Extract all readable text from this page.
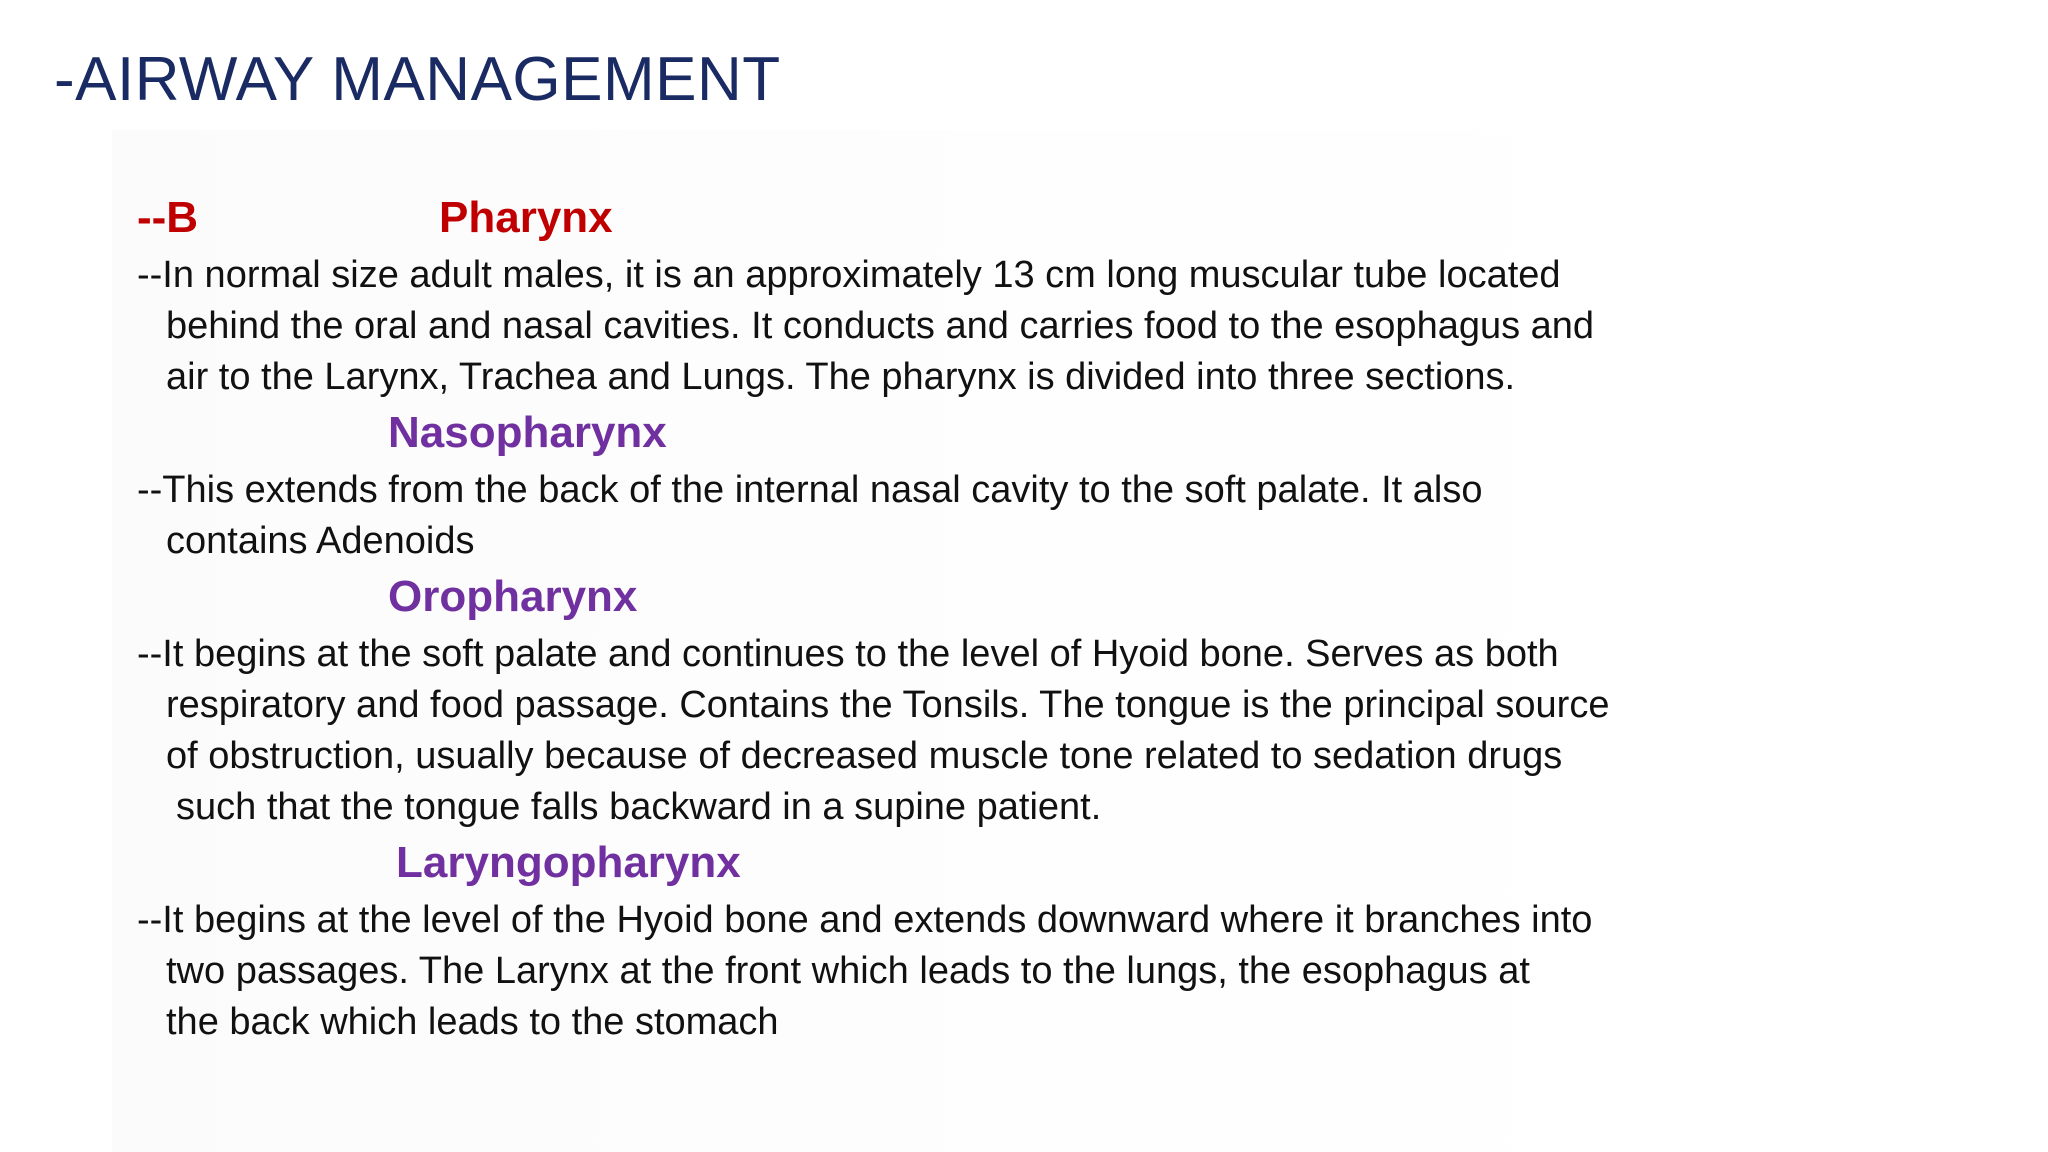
-AIRWAY MANAGEMENT
--B	Pharynx
--In normal size adult males, it is an approximately 13 cm long muscular tube located
behind the oral and nasal cavities. It conducts and carries food to the esophagus and
air to the Larynx, Trachea and Lungs. The pharynx is divided into three sections.
Nasopharynx
--This extends from the back of the internal nasal cavity to the soft palate. It also
contains Adenoids
Oropharynx
--It begins at the soft palate and continues to the level of Hyoid bone. Serves as both
respiratory and food passage. Contains the Tonsils. The tongue is the principal source
of obstruction, usually because of decreased muscle tone related to sedation drugs
such that the tongue falls backward in a supine patient.
Laryngopharynx
--It begins at the level of the Hyoid bone and extends downward where it branches into
two passages. The Larynx at the front which leads to the lungs, the esophagus at
the back which leads to the stomach
